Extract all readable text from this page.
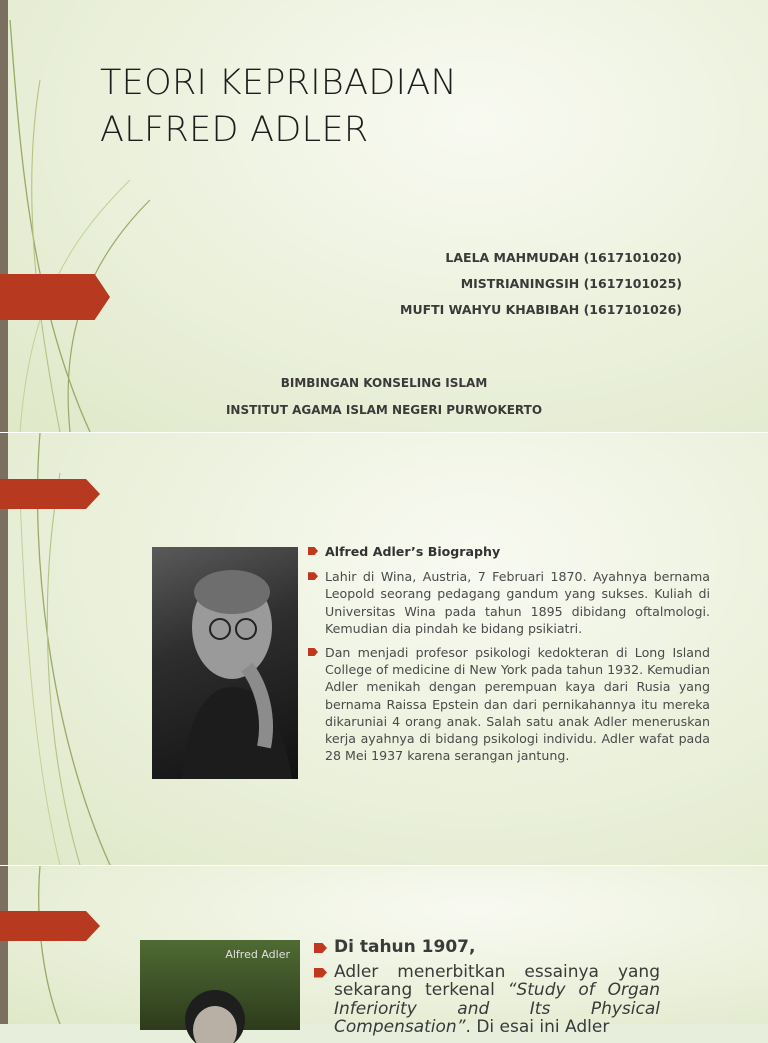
TEORI KEPRIBADIAN
ALFRED ADLER
LAELA MAHMUDAH (1617101020)
MISTRIANINGSIH (1617101025)
MUFTI WAHYU KHABIBAH (1617101026)
BIMBINGAN KONSELING ISLAM
INSTITUT AGAMA ISLAM NEGERI PURWOKERTO
Alfred Adler’s Biography
Lahir di Wina, Austria, 7 Februari 1870. Ayahnya bernama Leopold seorang pedagang gandum yang sukses. Kuliah di Universitas Wina pada tahun 1895 dibidang oftalmologi. Kemudian dia pindah ke bidang psikiatri.
Dan menjadi profesor psikologi kedokteran di Long Island College of medicine di New York pada tahun 1932. Kemudian Adler menikah dengan perempuan kaya dari Rusia yang bernama Raissa Epstein dan dari pernikahannya itu mereka dikaruniai 4 orang anak. Salah satu anak Adler meneruskan kerja ayahnya di bidang psikologi individu. Adler wafat pada 28 Mei 1937 karena serangan jantung.
Alfred Adler	Di tahun 1907,
Adler menerbitkan essainya yang sekarang terkenal “Study of Organ Inferiority and Its Physical Compensation”. Di esai ini Adler
